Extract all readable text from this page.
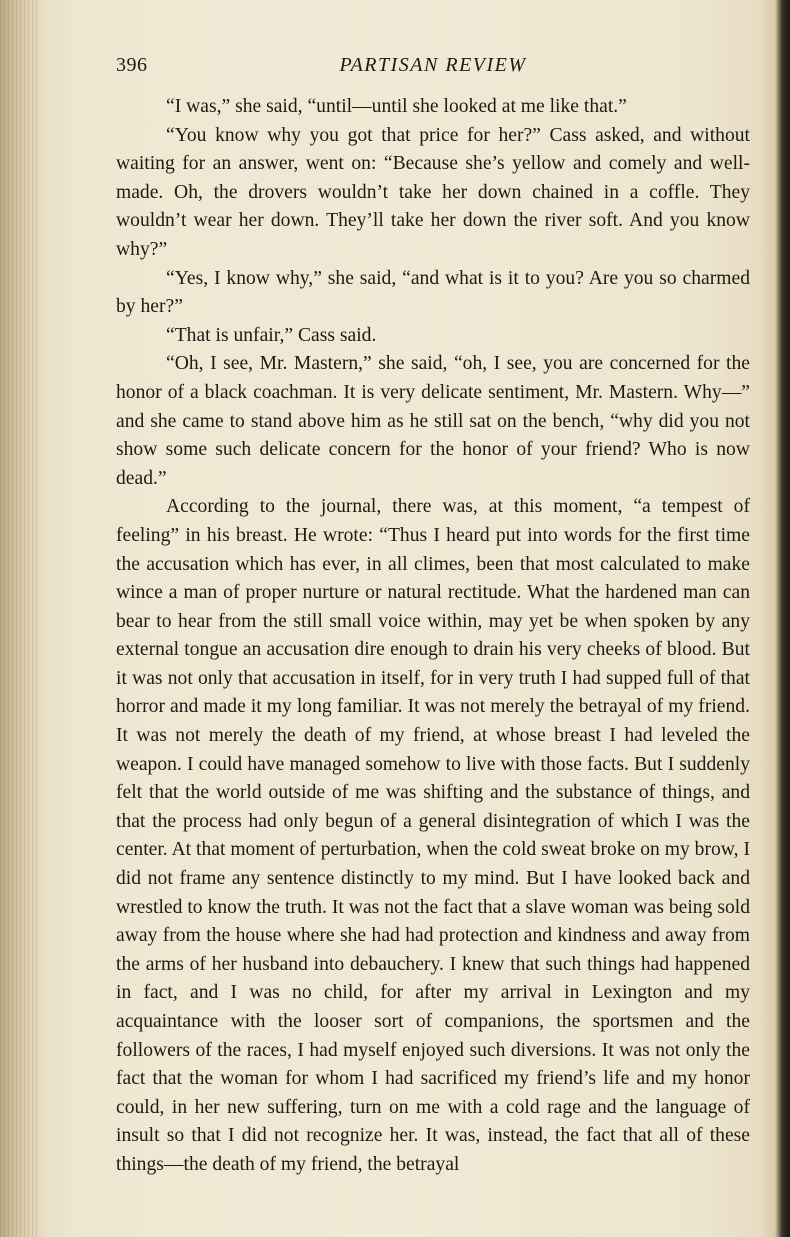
396	PARTISAN REVIEW

“I was,” she said, “until—until she looked at me like that.”

“You know why you got that price for her?” Cass asked, and without waiting for an answer, went on: “Because she’s yellow and comely and well-made. Oh, the drovers wouldn’t take her down chained in a coffle. They wouldn’t wear her down. They’ll take her down the river soft. And you know why?”

“Yes, I know why,” she said, “and what is it to you? Are you so charmed by her?”

“That is unfair,” Cass said.

“Oh, I see, Mr. Mastern,” she said, “oh, I see, you are concerned for the honor of a black coachman. It is very delicate sentiment, Mr. Mastern. Why—” and she came to stand above him as he still sat on the bench, “why did you not show some such delicate concern for the honor of your friend? Who is now dead.”

According to the journal, there was, at this moment, “a tempest of feeling” in his breast. He wrote: “Thus I heard put into words for the first time the accusation which has ever, in all climes, been that most calculated to make wince a man of proper nurture or natural rectitude. What the hardened man can bear to hear from the still small voice within, may yet be when spoken by any external tongue an accusation dire enough to drain his very cheeks of blood. But it was not only that accusation in itself, for in very truth I had supped full of that horror and made it my long familiar. It was not merely the betrayal of my friend. It was not merely the death of my friend, at whose breast I had leveled the weapon. I could have managed somehow to live with those facts. But I suddenly felt that the world outside of me was shifting and the substance of things, and that the process had only begun of a general disintegration of which I was the center. At that moment of perturbation, when the cold sweat broke on my brow, I did not frame any sentence distinctly to my mind. But I have looked back and wrestled to know the truth. It was not the fact that a slave woman was being sold away from the house where she had had protection and kindness and away from the arms of her husband into debauchery. I knew that such things had happened in fact, and I was no child, for after my arrival in Lexington and my acquaintance with the looser sort of companions, the sportsmen and the followers of the races, I had myself enjoyed such diversions. It was not only the fact that the woman for whom I had sacrificed my friend’s life and my honor could, in her new suffering, turn on me with a cold rage and the language of insult so that I did not recognize her. It was, instead, the fact that all of these things—the death of my friend, the betrayal
